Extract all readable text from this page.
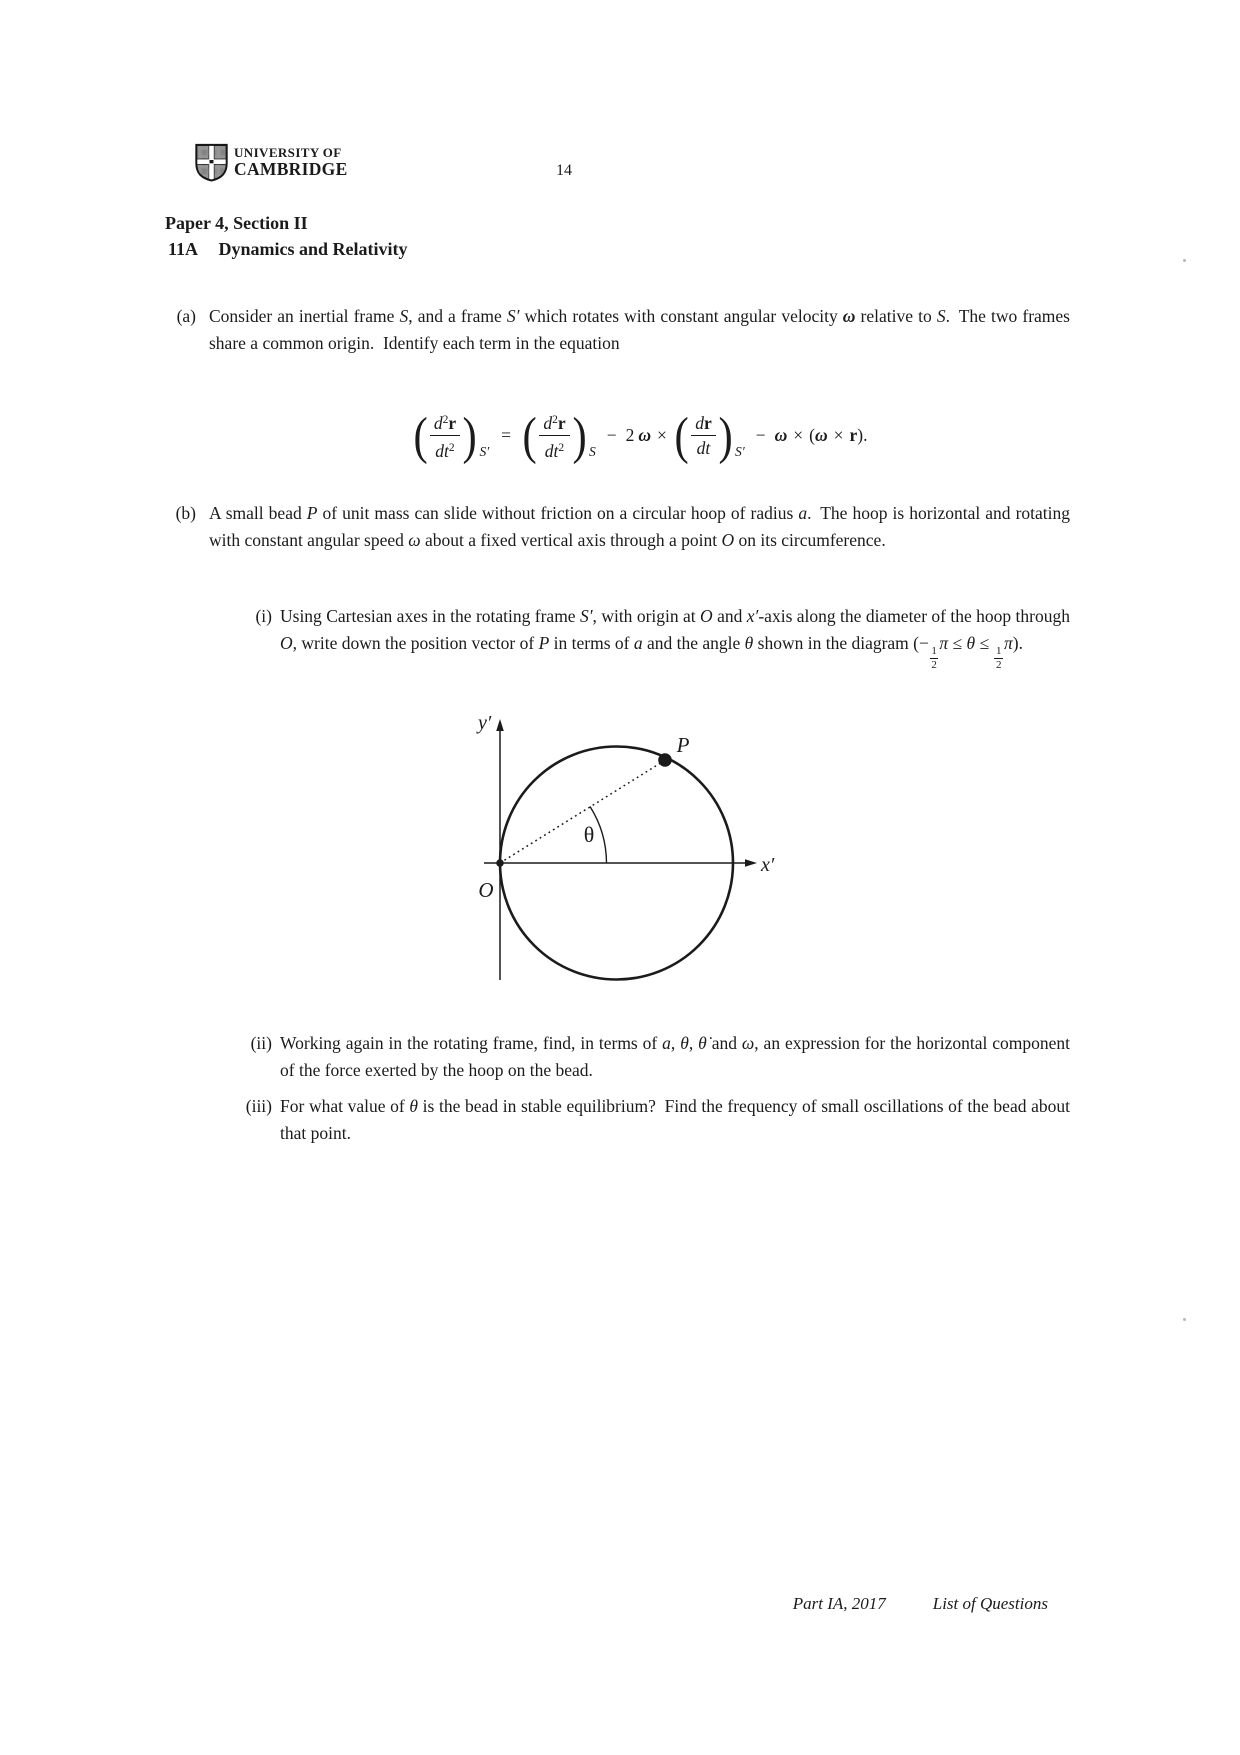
UNIVERSITY OF
CAMBRIDGE	14
Paper 4, Section II
11A Dynamics and Relativity
(a) Consider an inertial frame S, and a frame S′ which rotates with constant angular velocity ω relative to S. The two frames share a common origin. Identify each term in the equation
( $\frac{d^2r}{dt^2}$ ) S′
= ( $\frac{d^2r}{dt^2}$ ) S
− 2 ω × ( $\frac{dr}{dt}$ ) S′
− ω × ( ω × r ) .
(b) A small bead P of unit mass can slide without friction on a circular hoop of radius a. The hoop is horizontal and rotating with constant angular speed ω about a fixed vertical axis through a point O on its circumference.
(i) Using Cartesian axes in the rotating frame S′, with origin at O and x′-axis along the diameter of the hoop through O, write down the position vector of P in terms of a and the angle θ shown in the diagram (−
$\frac{1}{2}$
π ≤ θ ≤
$\frac{1}{2}$
π).
y′
x′
O
P
θ
(ii) Working again in the rotating frame, find, in terms of a, θ, θ̇ and ω, an expression for the horizontal component of the force exerted by the hoop on the bead.
(iii) For what value of θ is the bead in stable equilibrium? Find the frequency of small oscillations of the bead about that point.
Part IA, 2017	List of Questions
